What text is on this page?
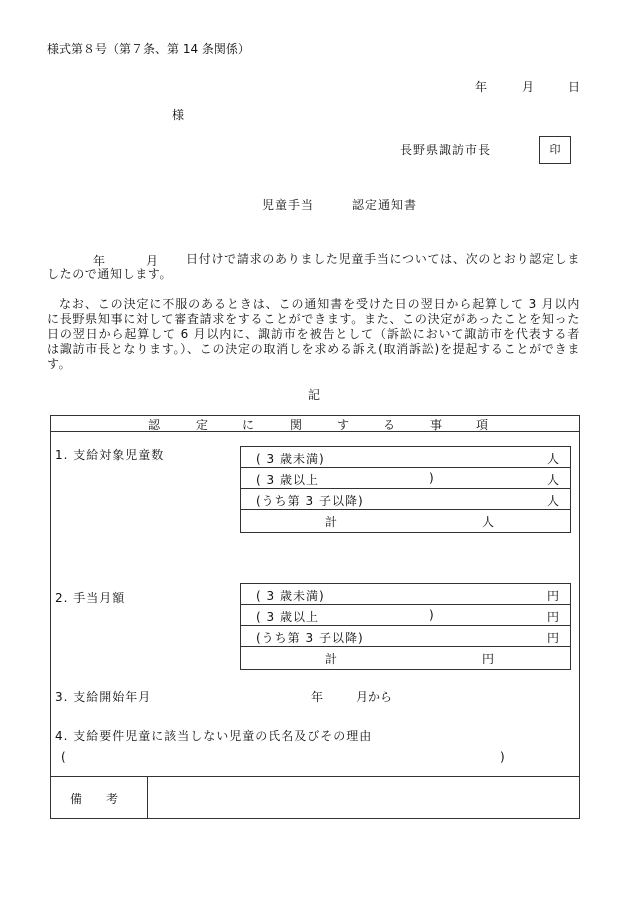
様式第８号（第７条、第 14 条関係）
年	月	日
様
長野県諏訪市長	印
児童手当	認定通知書
年	月	日付けで請求のありました児童手当については、次のとおり認定しましたので通知します。
なお、この決定に不服のあるときは、この通知書を受けた日の翌日から起算して 3 月以内に長野県知事に対して審査請求をすることができます。また、この決定があったことを知った日の翌日から起算して 6 月以内に、諏訪市を被告として（訴訟において諏訪市を代表する者は諏訪市長となります。）、この決定の取消しを求める訴え(取消訴訟)を提起することができます。
記
認	定	に	関	す	る	事	項
1. 支給対象児童数	( 3 歳未満)	人
( 3 歳以上	)	人
(うち第 3 子以降)	人
計	人
2. 手当月額	( 3 歳未満)	円
( 3 歳以上	)	円
(うち第 3 子以降)	円
計	円
3. 支給開始年月	年	月から
4. 支給要件児童に該当しない児童の氏名及びその理由
(	)
備　　考
